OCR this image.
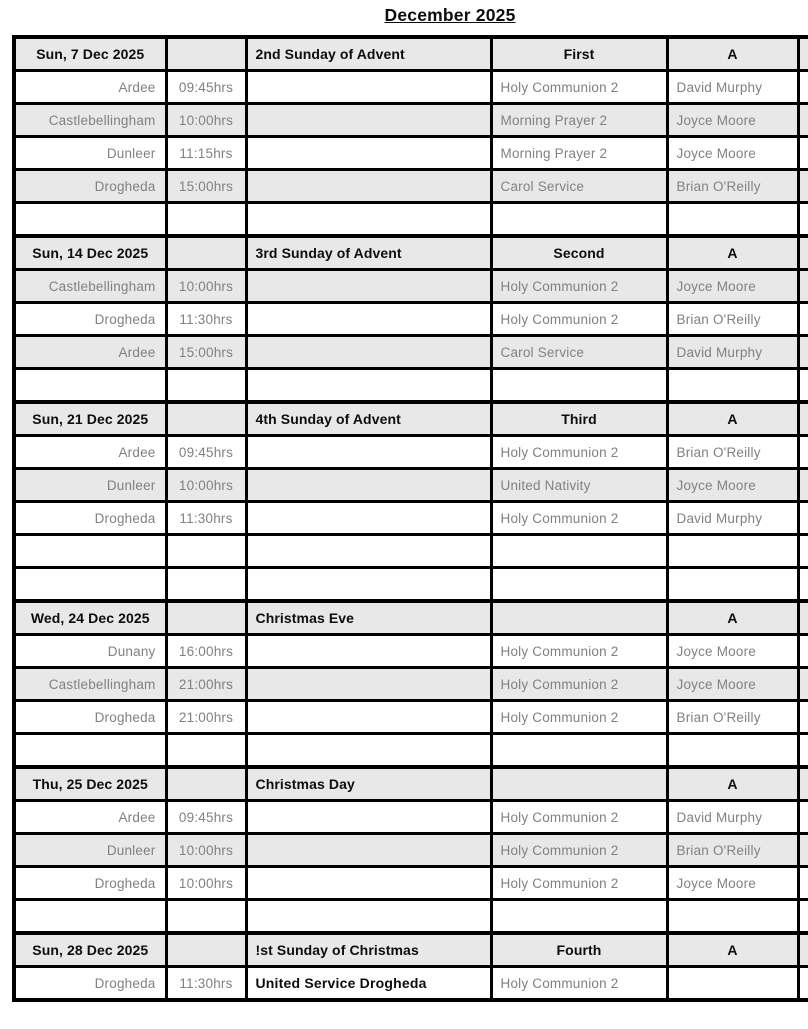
December 2025
Sun, 7 Dec 2025		2nd Sunday of Advent	First	A	
Ardee	09:45hrs		Holy Communion 2	David Murphy	
Castlebellingham	10:00hrs		Morning Prayer 2	Joyce Moore	
Dunleer	11:15hrs		Morning Prayer 2	Joyce Moore	
Drogheda	15:00hrs		Carol Service	Brian O'Reilly	

Sun, 14 Dec 2025		3rd Sunday of Advent	Second	A	
Castlebellingham	10:00hrs		Holy Communion 2	Joyce Moore	
Drogheda	11:30hrs		Holy Communion 2	Brian O'Reilly	
Ardee	15:00hrs		Carol Service	David Murphy	

Sun, 21 Dec 2025		4th Sunday of Advent	Third	A	
Ardee	09:45hrs		Holy Communion 2	Brian O'Reilly	
Dunleer	10:00hrs		United Nativity	Joyce Moore	
Drogheda	11:30hrs		Holy Communion 2	David Murphy	

Wed, 24 Dec 2025		Christmas Eve		A	
Dunany	16:00hrs		Holy Communion 2	Joyce Moore	
Castlebellingham	21:00hrs		Holy Communion 2	Joyce Moore	
Drogheda	21:00hrs		Holy Communion 2	Brian O'Reilly	

Thu, 25 Dec 2025		Christmas Day		A	
Ardee	09:45hrs		Holy Communion 2	David Murphy	
Dunleer	10:00hrs		Holy Communion 2	Brian O'Reilly	
Drogheda	10:00hrs		Holy Communion 2	Joyce Moore	

Sun, 28 Dec 2025		!st Sunday of Christmas	Fourth	A	
Drogheda	11:30hrs	United Service Drogheda	Holy Communion 2		
